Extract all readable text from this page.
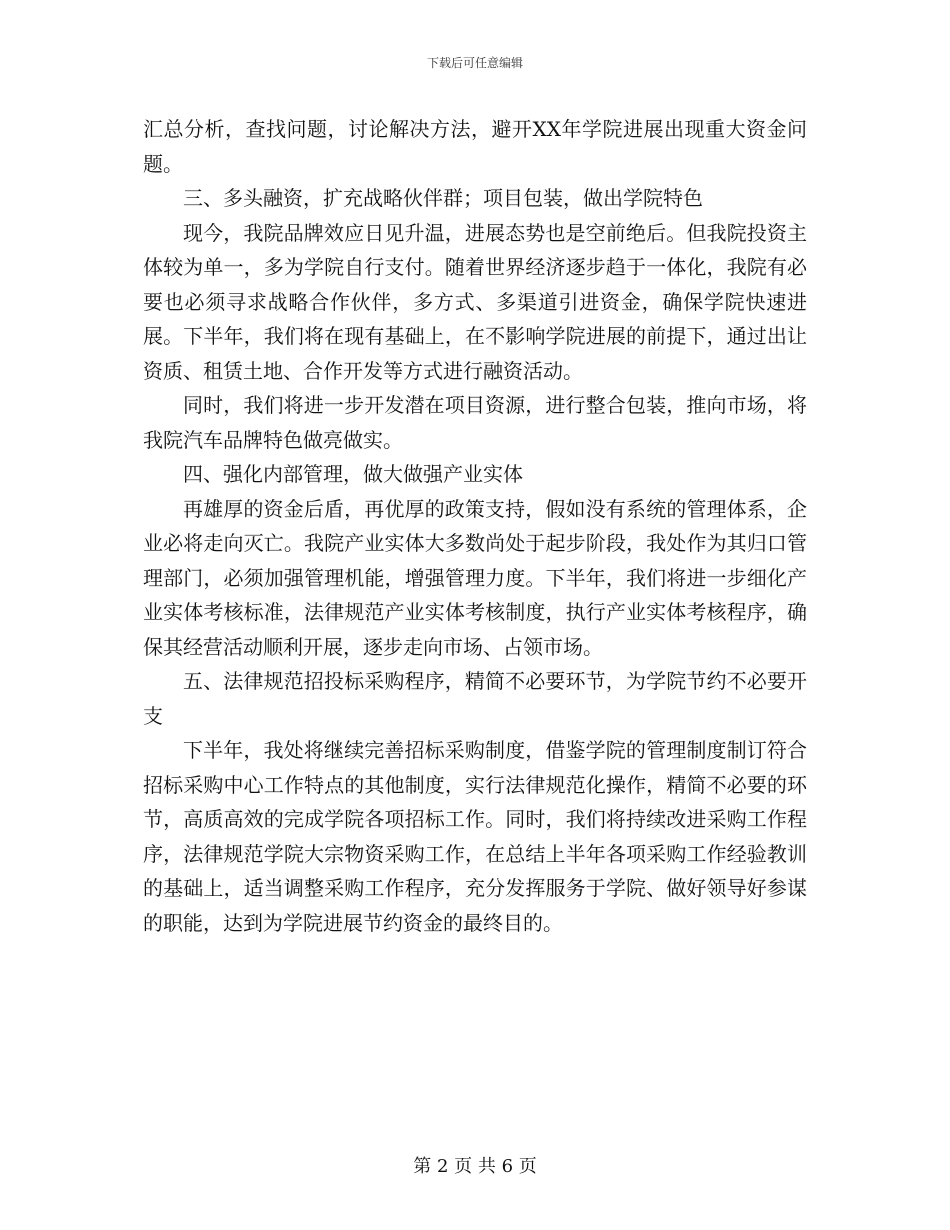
下载后可任意编辑

汇总分析，查找问题，讨论解决方法，避开XX年学院进展出现重大资金问题。

三、多头融资，扩充战略伙伴群；项目包装，做出学院特色

现今，我院品牌效应日见升温，进展态势也是空前绝后。但我院投资主体较为单一，多为学院自行支付。随着世界经济逐步趋于一体化，我院有必要也必须寻求战略合作伙伴，多方式、多渠道引进资金，确保学院快速进展。下半年，我们将在现有基础上，在不影响学院进展的前提下，通过出让资质、租赁土地、合作开发等方式进行融资活动。

同时，我们将进一步开发潜在项目资源，进行整合包装，推向市场，将我院汽车品牌特色做亮做实。

四、强化内部管理，做大做强产业实体

再雄厚的资金后盾，再优厚的政策支持，假如没有系统的管理体系，企业必将走向灭亡。我院产业实体大多数尚处于起步阶段，我处作为其归口管理部门，必须加强管理机能，增强管理力度。下半年，我们将进一步细化产业实体考核标准，法律规范产业实体考核制度，执行产业实体考核程序，确保其经营活动顺利开展，逐步走向市场、占领市场。

五、法律规范招投标采购程序，精简不必要环节，为学院节约不必要开支

下半年，我处将继续完善招标采购制度，借鉴学院的管理制度制订符合招标采购中心工作特点的其他制度，实行法律规范化操作，精简不必要的环节，高质高效的完成学院各项招标工作。同时，我们将持续改进采购工作程序，法律规范学院大宗物资采购工作，在总结上半年各项采购工作经验教训的基础上，适当调整采购工作程序，充分发挥服务于学院、做好领导好参谋的职能，达到为学院进展节约资金的最终目的。

第 2 页 共 6 页
